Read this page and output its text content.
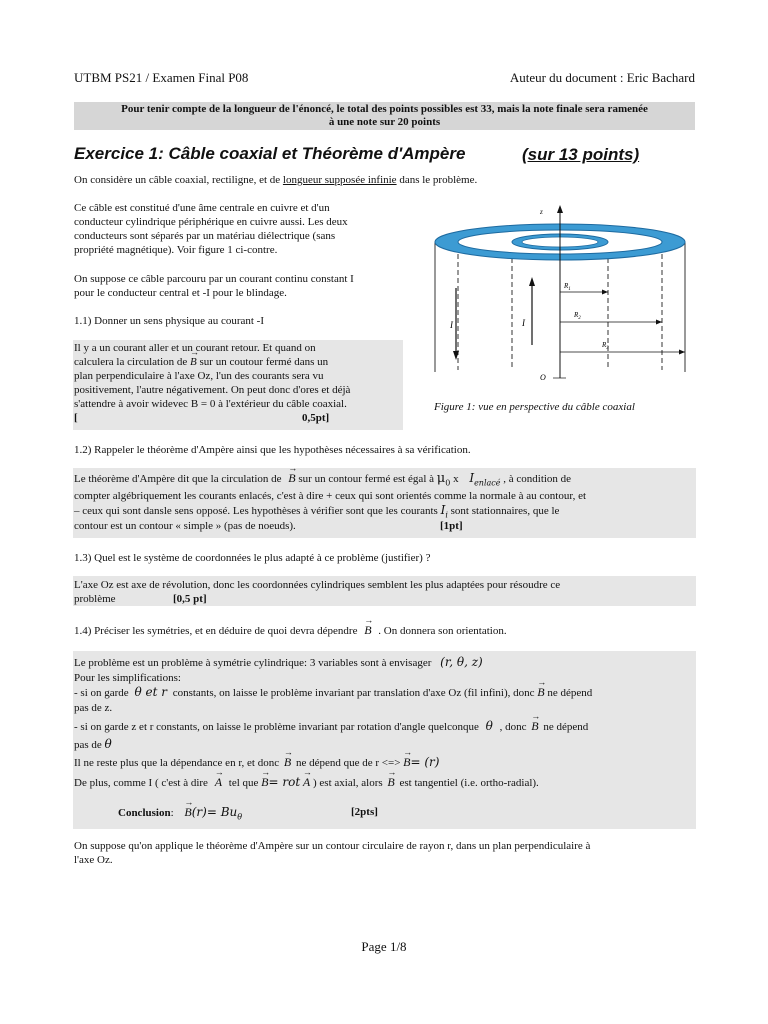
UTBM PS21 / Examen Final P08	Auteur du document : Eric Bachard
Pour tenir compte de la longueur de l'énoncé, le total des points possibles est 33, mais la note finale sera ramenée
à une note sur 20 points
Exercice 1: Câble coaxial et Théorème d'Ampère	(sur 13 points)
On considère un câble coaxial, rectiligne, et de longueur supposée infinie dans le problème.
Ce câble est constitué d'une âme centrale en cuivre et d'un
conducteur cylindrique périphérique en cuivre aussi. Les deux
conducteurs sont séparés par un matériau diélectrique (sans
propriété magnétique). Voir figure 1 ci-contre.
On suppose ce câble parcouru par un courant continu constant I
pour le conducteur central et -I pour le blindage.
1.1) Donner un sens physique au courant -I
Il y a un courant aller et un courant retour. Et quand on
calculera la circulation de → B sur un coutour fermé dans un
plan perpendiculaire à l'axe Oz, l'un des courants sera vu
positivement, l'autre négativement. On peut donc d'ores et déjà
s'attendre à avoir widevec B = 0 à l'extérieur du câble coaxial.
[	0,5pt]
z
O
I	I
$R_1$
$R_2$
$R_3$
Figure 1: vue en perspective du câble coaxial
1.2) Rappeler le théorème d'Ampère ainsi que les hypothèses nécessaires à sa vérification.
Le théorème d'Ampère dit que la circulation de → B sur un contour fermé est égal à $\mu_0$ x $I_{enlacé}$ , à condition de
compter algébriquement les courants enlacés, c'est à dire + ceux qui sont orientés comme la normale à au contour, et
– ceux qui sont dansle sens opposé. Les hypothèses à vérifier sont que les courants $I_i$ sont stationnaires, que le
contour est un contour « simple » (pas de noeuds).	[1pt]
1.3) Quel est le système de coordonnées le plus adapté à ce problème (justifier) ?
L'axe Oz est axe de révolution, donc les coordonnées cylindriques semblent les plus adaptées pour résoudre ce
problème	[0,5 pt]
1.4) Préciser les symétries, et en déduire de quoi devra dépendre → B . On donnera son orientation.
Le problème est un problème à symétrie cylindrique: 3 variables sont à envisager (r, θ, z)
Pour les simplifications:
- si on garde θ et r constants, on laisse le problème invariant par translation d'axe Oz (fil infini), donc → B ne dépend
pas de z.
- si on garde z et r constants, on laisse le problème invariant par rotation d'angle quelconque θ , donc → B ne dépend
pas de θ
Il ne reste plus que la dépendance en r, et donc → B ne dépend que de r <=> → B= (r)
De plus, comme I ( c'est à dire → A tel que → B= rot → A ) est axial, alors → B est tangentiel (i.e. ortho-radial).
Conclusion: → $B(r)= Bu_\theta$	[2pts]
On suppose qu'on applique le théorème d'Ampère sur un contour circulaire de rayon r, dans un plan perpendiculaire à
l'axe Oz.
Page 1/8
